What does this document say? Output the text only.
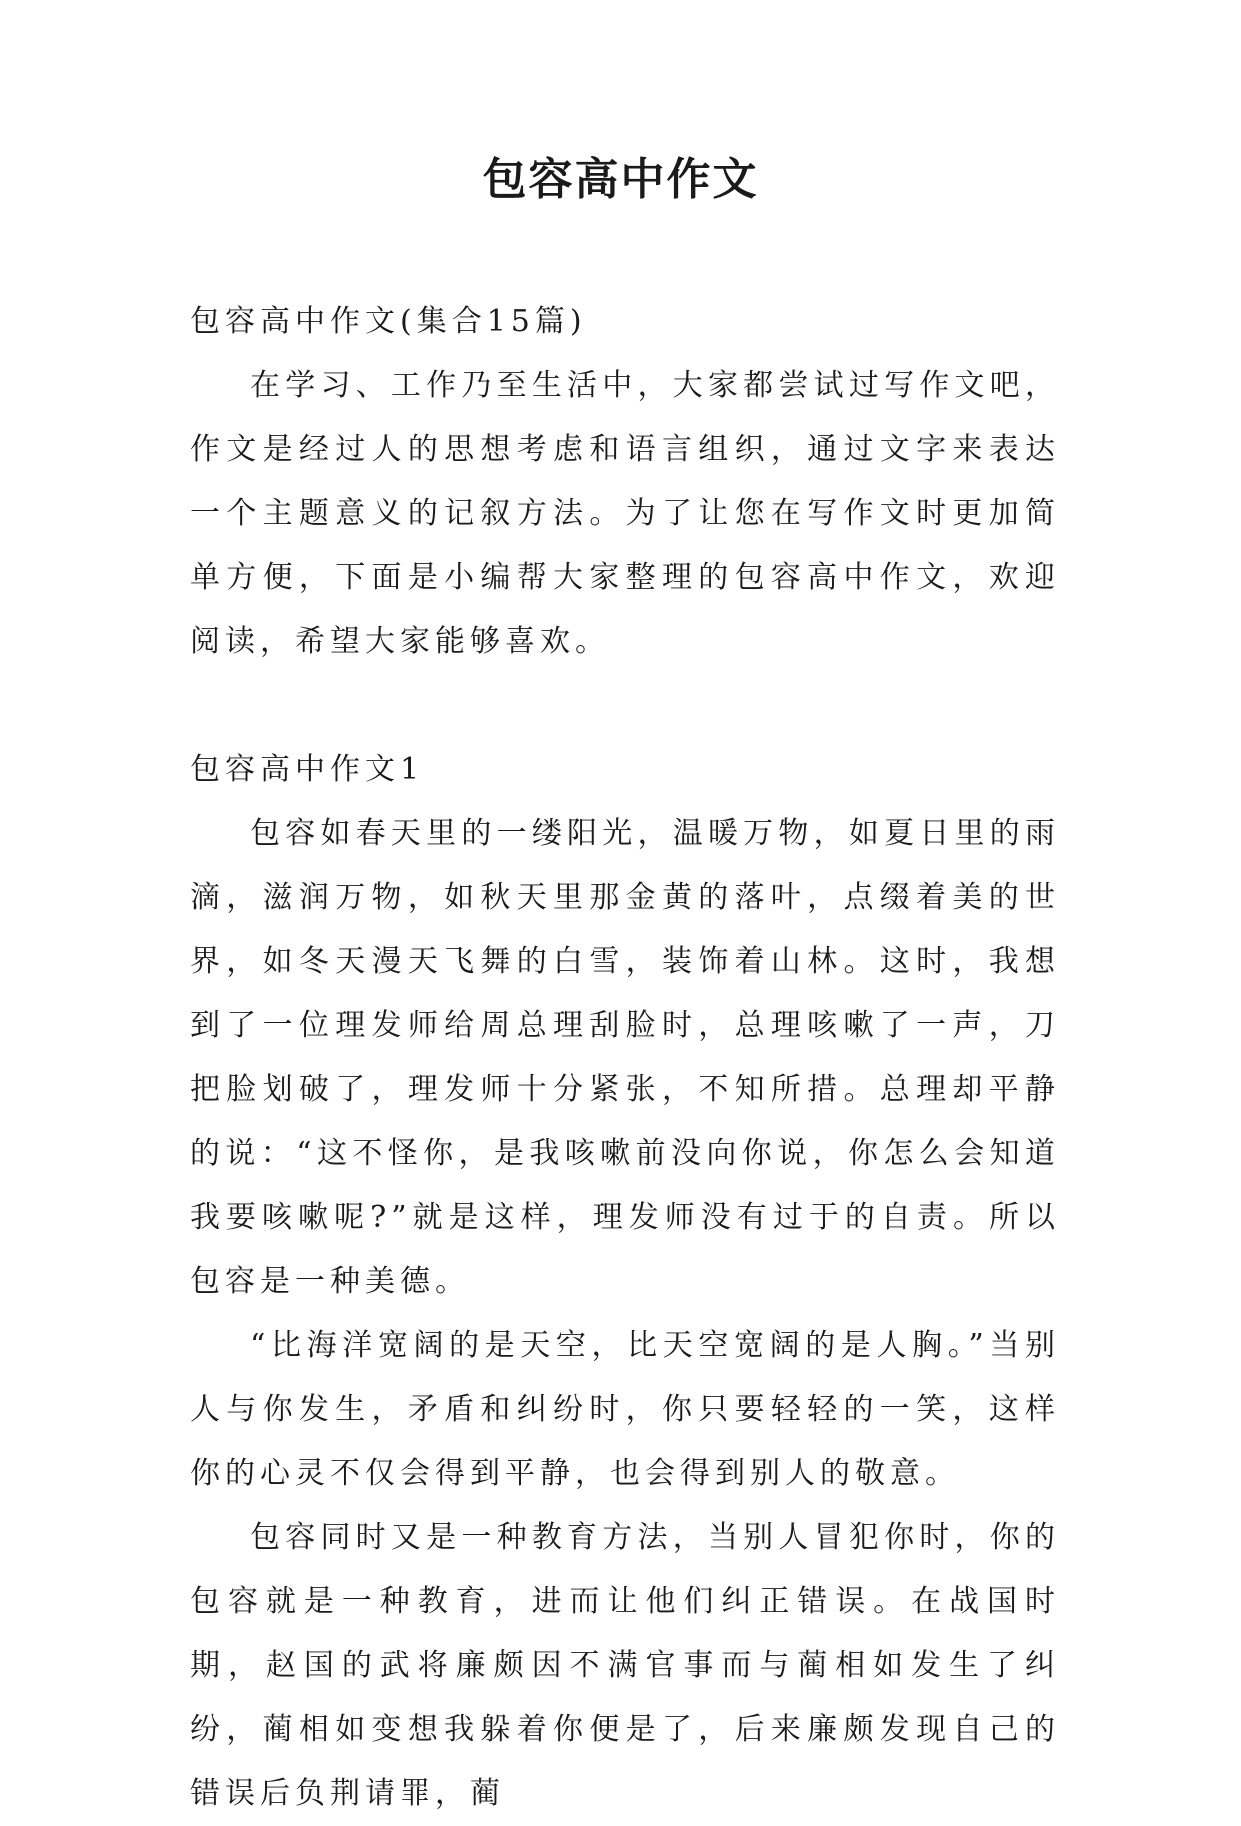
包容高中作文

包容高中作文(集合15篇)

在学习、工作乃至生活中，大家都尝试过写作文吧，作文是经过人的思想考虑和语言组织，通过文字来表达一个主题意义的记叙方法。为了让您在写作文时更加简单方便，下面是小编帮大家整理的包容高中作文，欢迎阅读，希望大家能够喜欢。

包容高中作文1

包容如春天里的一缕阳光，温暖万物，如夏日里的雨滴，滋润万物，如秋天里那金黄的落叶，点缀着美的世界，如冬天漫天飞舞的白雪，装饰着山林。这时，我想到了一位理发师给周总理刮脸时，总理咳嗽了一声，刀把脸划破了，理发师十分紧张，不知所措。总理却平静的说：“这不怪你，是我咳嗽前没向你说，你怎么会知道我要咳嗽呢?”就是这样，理发师没有过于的自责。所以包容是一种美德。

“比海洋宽阔的是天空，比天空宽阔的是人胸。”当别人与你发生，矛盾和纠纷时，你只要轻轻的一笑，这样你的心灵不仅会得到平静，也会得到别人的敬意。

包容同时又是一种教育方法，当别人冒犯你时，你的包容就是一种教育，进而让他们纠正错误。在战国时期，赵国的武将廉颇因不满官事而与蔺相如发生了纠纷，蔺相如变想我躲着你便是了，后来廉颇发现自己的错误后负荆请罪，蔺
